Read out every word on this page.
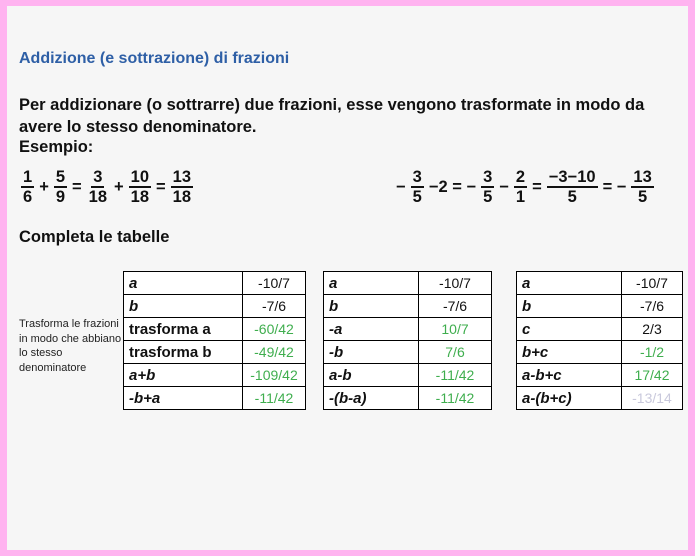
Addizione (e sottrazione) di frazioni
Per addizionare (o sottrarre) due frazioni, esse vengono trasformate in modo da avere lo stesso denominatore.
Esempio:
$\frac{1}{6} + \frac{5}{9} = \frac{3}{18} + \frac{10}{18} = \frac{13}{18}$	− $\frac{3}{5} -2$ = − $\frac{3}{5} - \frac{2}{1} = \frac{-3-10}{5}$ = − $\frac{13}{5}$
Completa le tabelle
Trasforma le frazioni in modo che abbiano lo stesso denominatore
a	-10/7
b	-7/6
trasforma a	-60/42
trasforma b	-49/42
a+b	-109/42
-b+a	-11/42
a	-10/7
b	-7/6
-a	10/7
-b	7/6
a-b	-11/42
-(b-a)	-11/42
a	-10/7
b	-7/6
c	2/3
b+c	-1/2
a-b+c	17/42
a-(b+c)	-13/14
